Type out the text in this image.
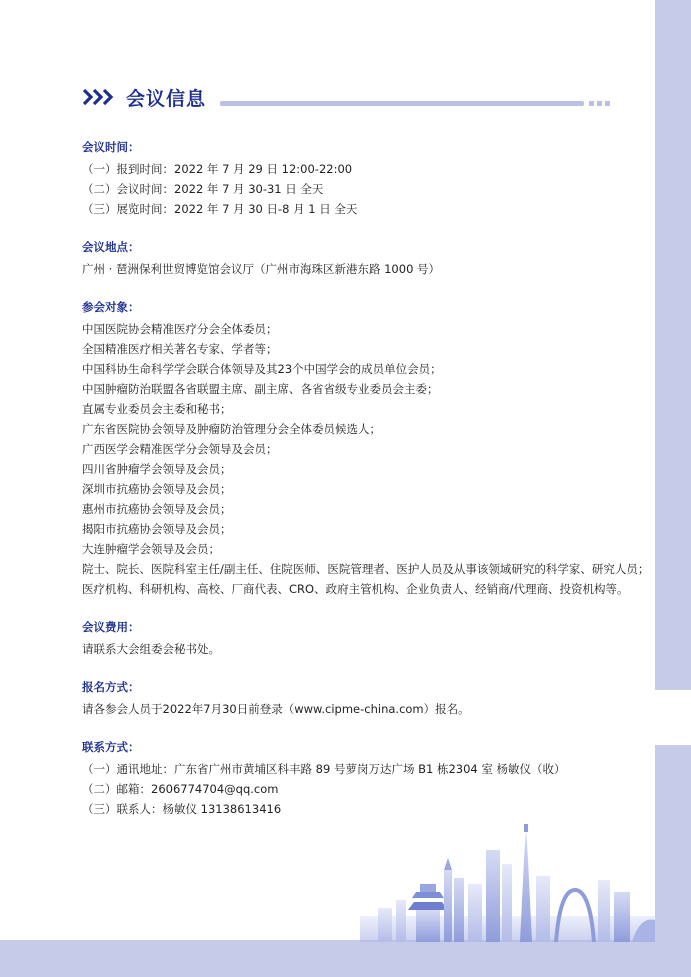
会议信息
会议时间：
（一）报到时间：2022 年 7 月 29 日 12:00-22:00
（二）会议时间：2022 年 7 月 30-31 日 全天
（三）展览时间：2022 年 7 月 30 日-8 月 1 日 全天
会议地点：
广州 · 琶洲保利世贸博览馆会议厅（广州市海珠区新港东路 1000 号）
参会对象：
中国医院协会精准医疗分会全体委员；
全国精准医疗相关著名专家、学者等；
中国科协生命科学学会联合体领导及其23个中国学会的成员单位会员；
中国肿瘤防治联盟各省联盟主席、副主席、各省省级专业委员会主委；
直属专业委员会主委和秘书；
广东省医院协会领导及肿瘤防治管理分会全体委员候选人；
广西医学会精准医学分会领导及会员；
四川省肿瘤学会领导及会员；
深圳市抗癌协会领导及会员；
惠州市抗癌协会领导及会员；
揭阳市抗癌协会领导及会员；
大连肿瘤学会领导及会员；
院士、院长、医院科室主任/副主任、住院医师、医院管理者、医护人员及从事该领域研究的科学家、研究人员；
医疗机构、科研机构、高校、厂商代表、CRO、政府主管机构、企业负责人、经销商/代理商、投资机构等。
会议费用：
请联系大会组委会秘书处。
报名方式：
请各参会人员于2022年7月30日前登录（www.cipme-china.com）报名。
联系方式：
（一）通讯地址：广东省广州市黄埔区科丰路 89 号萝岗万达广场 B1 栋2304 室 杨敏仪（收）
（二）邮箱：2606774704@qq.com
（三）联系人：杨敏仪 13138613416
